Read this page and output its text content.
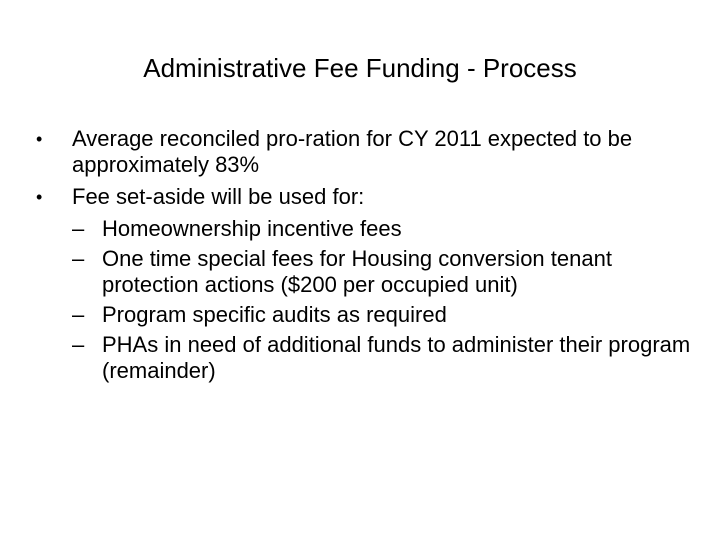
Administrative Fee Funding - Process
•	Average reconciled pro-ration for CY 2011 expected to be approximately 83%
•	Fee set-aside will be used for:
– Homeownership incentive fees
– One time special fees for Housing conversion tenant protection actions ($200 per occupied unit)
– Program specific audits as required
– PHAs in need of additional funds to administer their program (remainder)
